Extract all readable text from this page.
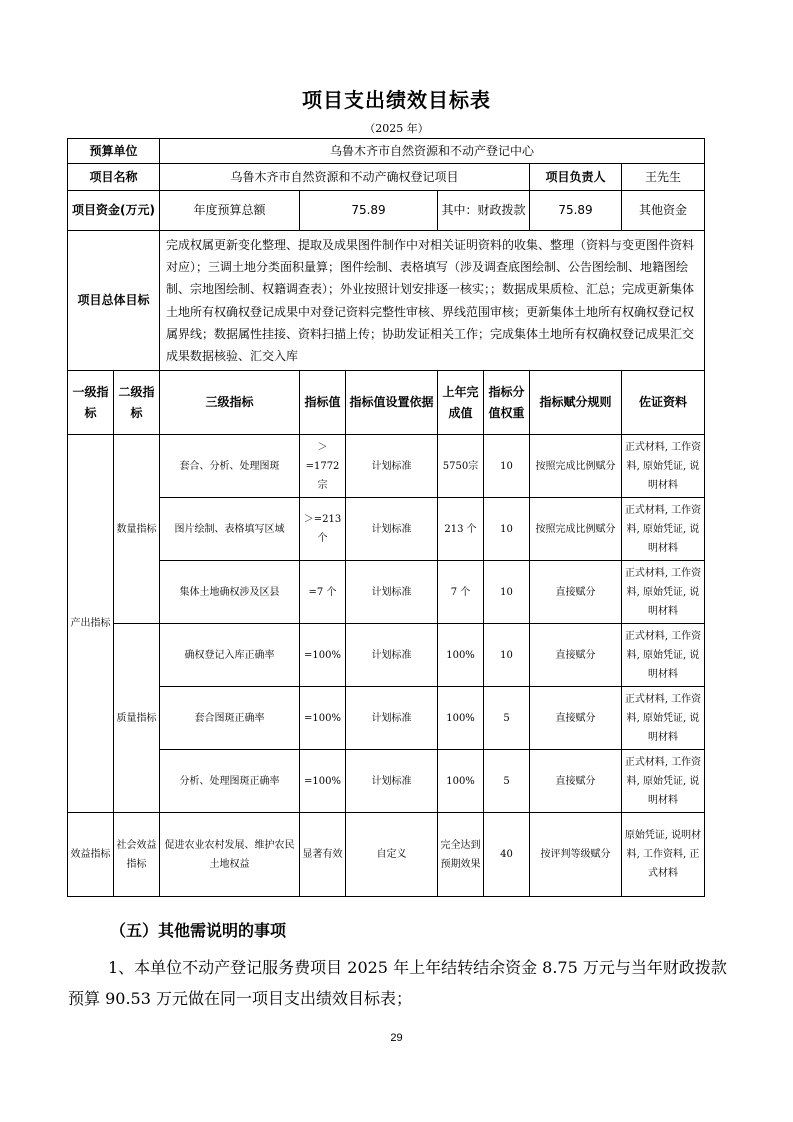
项目支出绩效目标表
（2025 年）
预算单位		乌鲁木齐市自然资源和不动产登记中心						
项目名称		乌鲁木齐市自然资源和不动产确权登记项目					项目负责人	王先生
项目资金(万元)		年度预算总额	75.89		其中：财政拨款		75.89	其他资金
项目总体目标		完成权属更新变化整理、提取及成果图件制作中对相关证明资料的收集、整理（资料与变更图件资料对应）；三调土地分类面积量算；图件绘制、表格填写（涉及调查底图绘制、公告图绘制、地籍图绘制、宗地图绘制、权籍调查表）；外业按照计划安排逐一核实；；数据成果质检、汇总；完成更新集体土地所有权确权登记成果中对登记资料完整性审核、界线范围审核；更新集体土地所有权确权登记权属界线；数据属性挂接、资料扫描上传；协助发证相关工作；完成集体土地所有权确权登记成果汇交成果数据核验、汇交入库						
一级指标	二级指标	三级指标	指标值	指标值设置依据	上年完成值	指标分值权重	指标赋分规则	佐证资料
产出指标	数量指标	套合、分析、处理图斑	＞=1772宗	计划标准	5750宗	10	按照完成比例赋分	正式材料, 工作资料, 原始凭证, 说明材料
		图片绘制、表格填写区域	＞=213个	计划标准	213 个	10	按照完成比例赋分	正式材料, 工作资料, 原始凭证, 说明材料
		集体土地确权涉及区县	=7 个	计划标准	7 个	10	直接赋分	正式材料, 工作资料, 原始凭证, 说明材料
	质量指标	确权登记入库正确率	=100%	计划标准	100%	10	直接赋分	正式材料, 工作资料, 原始凭证, 说明材料
		套合图斑正确率	=100%	计划标准	100%	5	直接赋分	正式材料, 工作资料, 原始凭证, 说明材料
		分析、处理图斑正确率	=100%	计划标准	100%	5	直接赋分	正式材料, 工作资料, 原始凭证, 说明材料
效益指标	社会效益指标	促进农业农村发展、维护农民土地权益	显著有效	自定义	完全达到预期效果	40	按评判等级赋分	原始凭证, 说明材料, 工作资料, 正式材料
（五）其他需说明的事项
1、本单位不动产登记服务费项目 2025 年上年结转结余资金 8.75 万元与当年财政拨款预算 90.53 万元做在同一项目支出绩效目标表；
29
